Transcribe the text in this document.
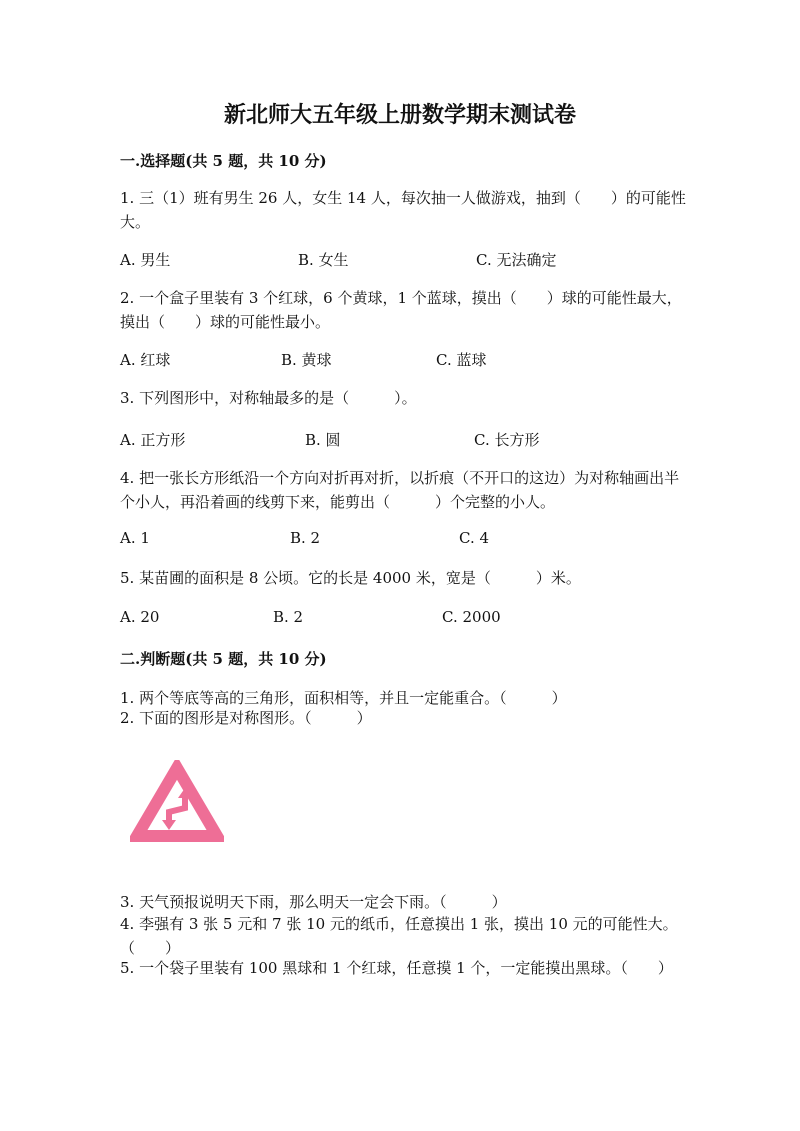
新北师大五年级上册数学期末测试卷
一.选择题(共 5 题，共 10 分)
1. 三（1）班有男生 26 人，女生 14 人，每次抽一人做游戏，抽到（　　）的可能性大。
A. 男生	B. 女生	C. 无法确定
2. 一个盒子里装有 3 个红球，6 个黄球，1 个蓝球，摸出（　　）球的可能性最大，摸出（　　）球的可能性最小。
A. 红球	B. 黄球	C. 蓝球
3. 下列图形中，对称轴最多的是（　　　）。
A. 正方形	B. 圆	C. 长方形
4. 把一张长方形纸沿一个方向对折再对折，以折痕（不开口的这边）为对称轴画出半个小人，再沿着画的线剪下来，能剪出（　　　）个完整的小人。
A. 1	B. 2	C. 4
5. 某苗圃的面积是 8 公顷。它的长是 4000 米，宽是（　　　）米。
A. 20	B. 2	C. 2000
二.判断题(共 5 题，共 10 分)
1. 两个等底等高的三角形，面积相等，并且一定能重合。（　　　）
2. 下面的图形是对称图形。（　　　）
3. 天气预报说明天下雨，那么明天一定会下雨。（　　　）
4. 李强有 3 张 5 元和 7 张 10 元的纸币，任意摸出 1 张，摸出 10 元的可能性大。　　　（　　）
5. 一个袋子里装有 100 黑球和 1 个红球，任意摸 1 个，一定能摸出黑球。（　　）
